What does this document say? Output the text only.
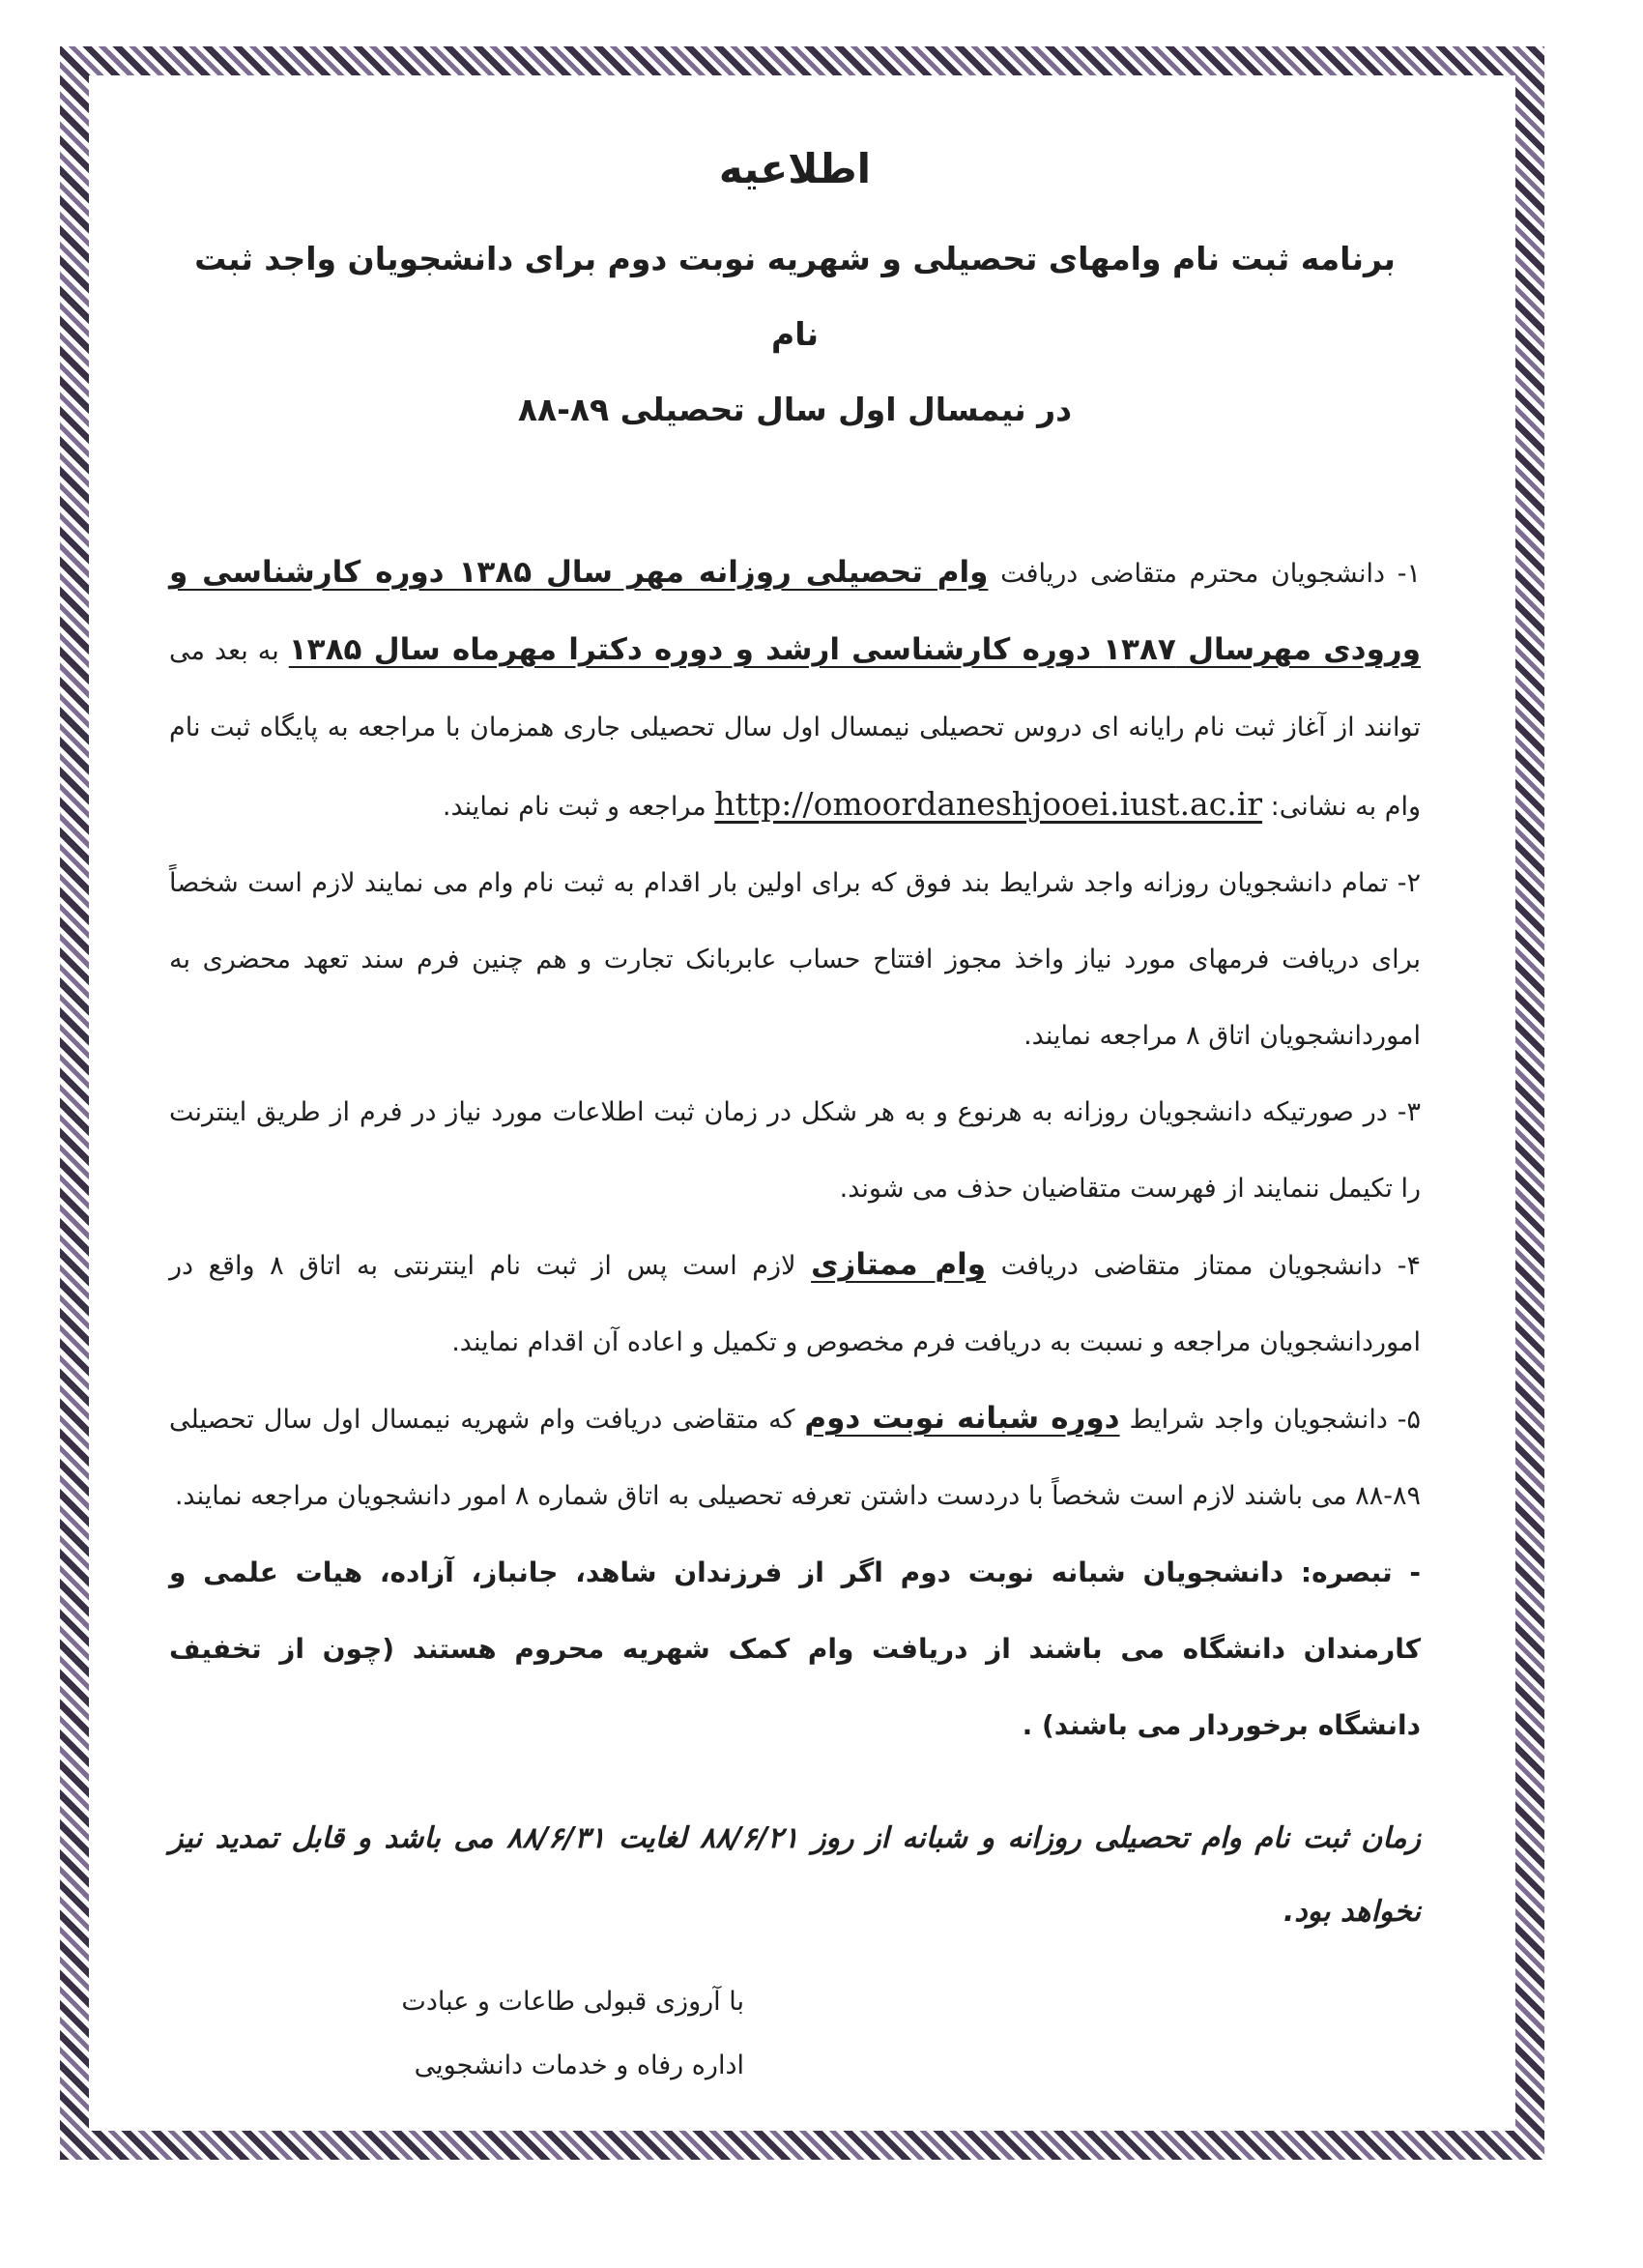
اطلاعیه

برنامه ثبت نام وامهای تحصیلی و شهریه نوبت دوم برای دانشجویان واجد ثبت نام

در نیمسال اول سال تحصیلی ۸۹-۸۸

۱- دانشجویان محترم متقاضی دریافت وام تحصیلی روزانه مهر سال ۱۳۸۵ دوره کارشناسی و ورودی مهرسال ۱۳۸۷ دوره کارشناسی ارشد و دوره دکترا مهرماه سال ۱۳۸۵ به بعد می توانند از آغاز ثبت نام رایانه ای دروس تحصیلی نیمسال اول سال تحصیلی جاری همزمان با مراجعه به پایگاه ثبت نام وام به نشانی: http://omoordaneshjooei.iust.ac.ir مراجعه و ثبت نام نمایند.

۲- تمام دانشجویان روزانه واجد شرایط بند فوق که برای اولین بار اقدام به ثبت نام وام می نمایند لازم است شخصاً برای دریافت فرمهای مورد نیاز واخذ مجوز افتتاح حساب عابربانک تجارت و هم چنین فرم سند تعهد محضری به اموردانشجویان اتاق ۸ مراجعه نمایند.

۳- در صورتیکه دانشجویان روزانه به هرنوع و به هر شکل در زمان ثبت اطلاعات مورد نیاز در فرم از طریق اینترنت را تکیمل ننمایند از فهرست متقاضیان حذف می شوند.

۴- دانشجویان ممتاز متقاضی دریافت وام ممتازی لازم است پس از ثبت نام اینترنتی به اتاق ۸ واقع در اموردانشجویان مراجعه و نسبت به دریافت فرم مخصوص و تکمیل و اعاده آن اقدام نمایند.

۵- دانشجویان واجد شرایط دوره شبانه نوبت دوم که متقاضی دریافت وام شهریه نیمسال اول سال تحصیلی ۸۹-۸۸ می باشند لازم است شخصاً با دردست داشتن تعرفه تحصیلی به اتاق شماره ۸ امور دانشجویان مراجعه نمایند.

- تبصره: دانشجویان شبانه نوبت دوم اگر از فرزندان شاهد، جانباز، آزاده، هیات علمی و کارمندان دانشگاه می باشند از دریافت وام کمک شهریه محروم هستند (چون از تخفیف دانشگاه برخوردار می باشند) .

زمان ثبت نام وام تحصیلی روزانه و شبانه از روز ۸۸/۶/۲۱ لغایت ۸۸/۶/۳۱ می باشد و قابل تمدید نیز نخواهد بود.

با آروزی قبولی طاعات و عبادت
اداره رفاه و خدمات دانشجویی
